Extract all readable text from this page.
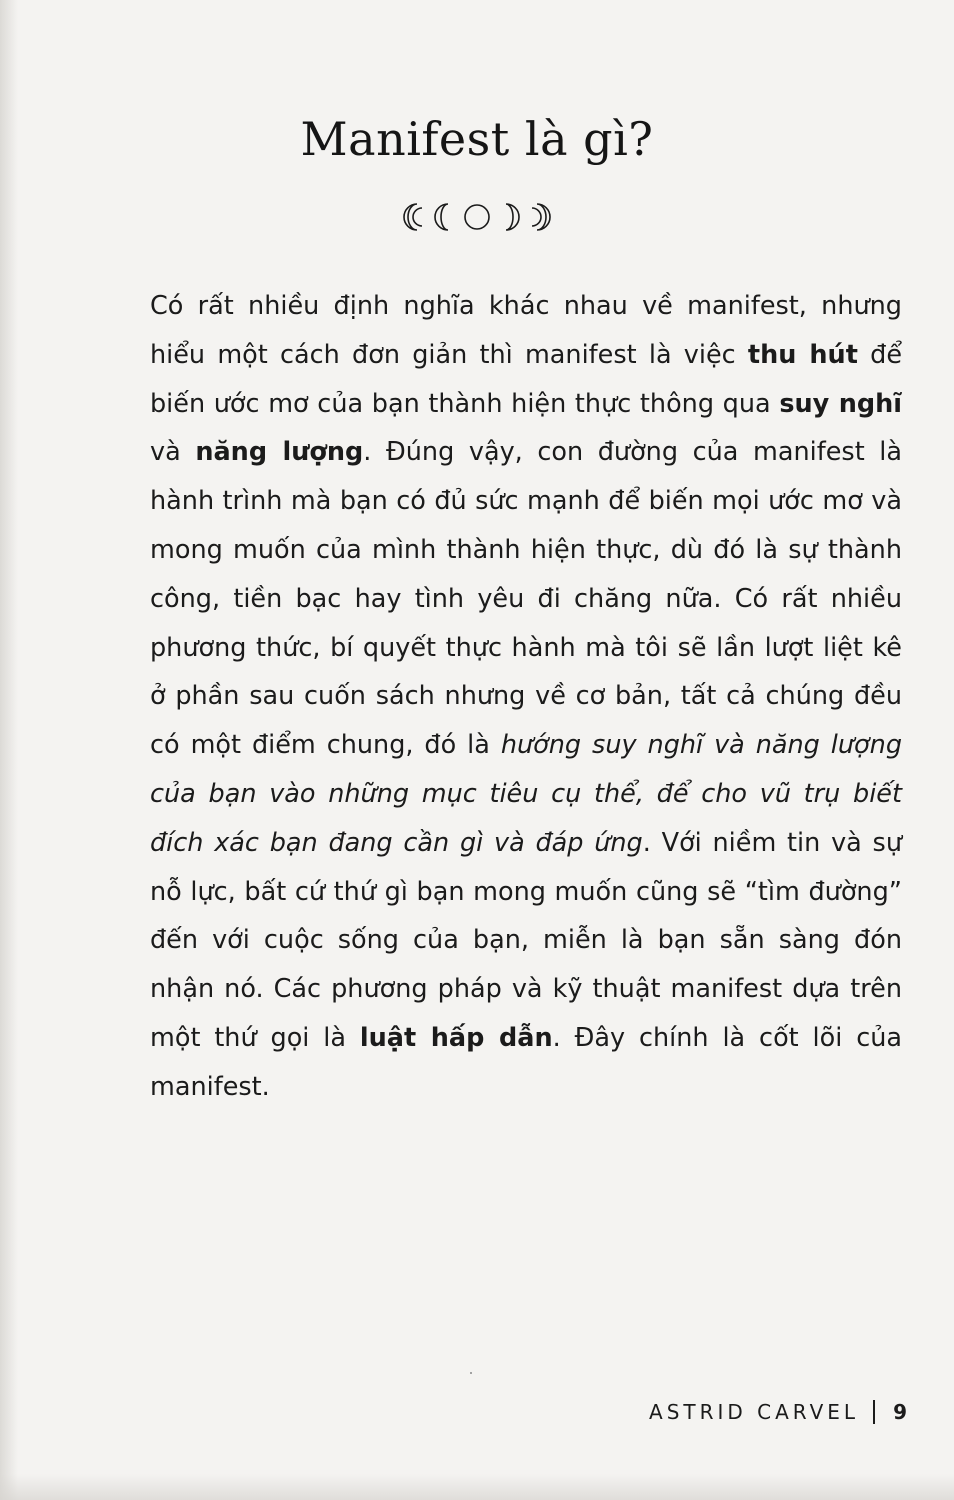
Manifest là gì?

Có rất nhiều định nghĩa khác nhau về manifest, nhưng hiểu một cách đơn giản thì manifest là việc thu hút để biến ước mơ của bạn thành hiện thực thông qua suy nghĩ và năng lượng. Đúng vậy, con đường của manifest là hành trình mà bạn có đủ sức mạnh để biến mọi ước mơ và mong muốn của mình thành hiện thực, dù đó là sự thành công, tiền bạc hay tình yêu đi chăng nữa. Có rất nhiều phương thức, bí quyết thực hành mà tôi sẽ lần lượt liệt kê ở phần sau cuốn sách nhưng về cơ bản, tất cả chúng đều có một điểm chung, đó là hướng suy nghĩ và năng lượng của bạn vào những mục tiêu cụ thể, để cho vũ trụ biết đích xác bạn đang cần gì và đáp ứng. Với niềm tin và sự nỗ lực, bất cứ thứ gì bạn mong muốn cũng sẽ “tìm đường” đến với cuộc sống của bạn, miễn là bạn sẵn sàng đón nhận nó. Các phương pháp và kỹ thuật manifest dựa trên một thứ gọi là luật hấp dẫn. Đây chính là cốt lõi của manifest.

ASTRID CARVEL 9
